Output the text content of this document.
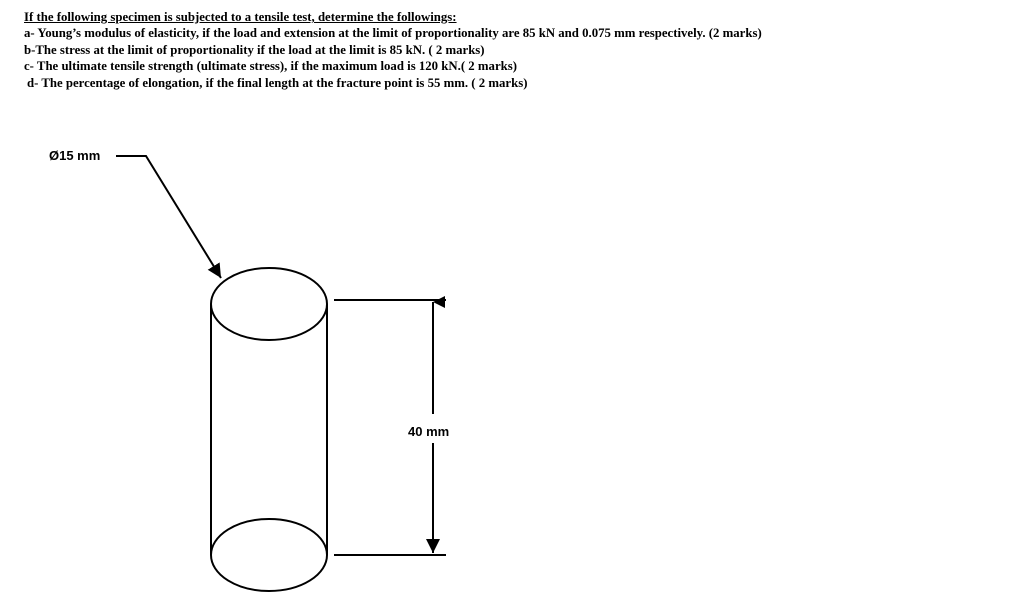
If the following specimen is subjected to a tensile test, determine the followings:
a- Young’s modulus of elasticity, if the load and extension at the limit of proportionality are 85 kN and 0.075 mm respectively. (2 marks)
b-The stress at the limit of proportionality if the load at the limit is 85 kN. ( 2 marks)
c- The ultimate tensile strength (ultimate stress), if the maximum load is 120 kN.( 2 marks)
d- The percentage of elongation, if the final length at the fracture point is 55 mm. ( 2 marks)
Ø15 mm
40 mm
